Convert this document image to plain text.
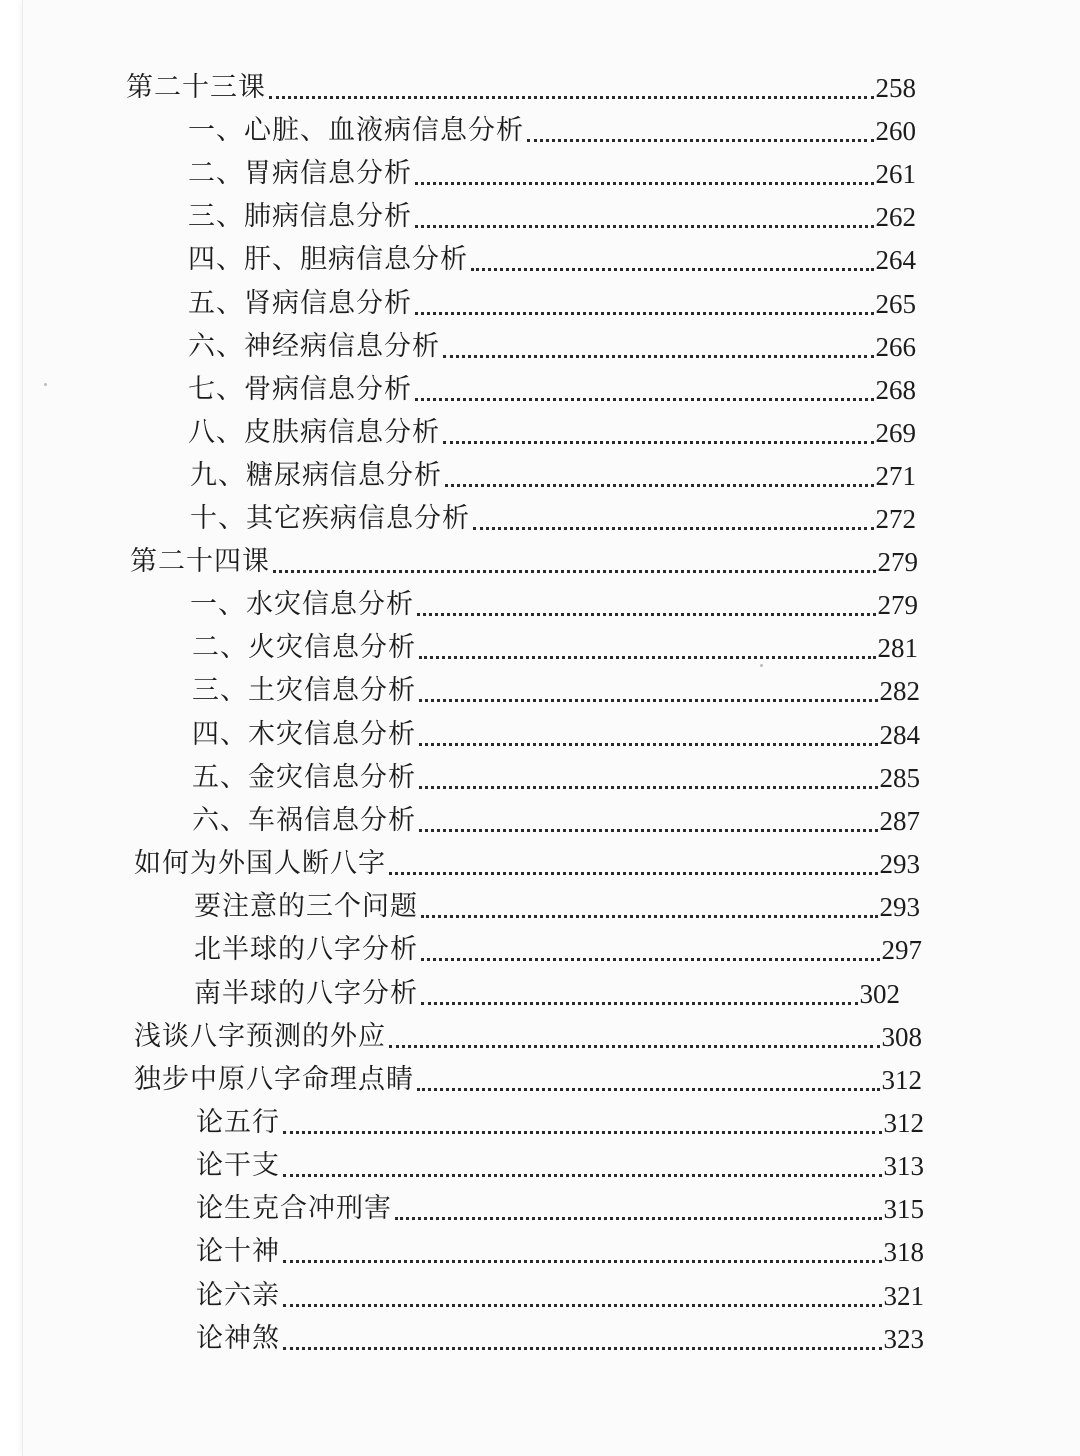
第二十三课	258
一、心脏、血液病信息分析	260
二、胃病信息分析	261
三、肺病信息分析	262
四、肝、胆病信息分析	264
五、肾病信息分析	265
六、神经病信息分析	266
七、骨病信息分析	268
八、皮肤病信息分析	269
九、糖尿病信息分析	271
十、其它疾病信息分析	272
第二十四课	279
一、水灾信息分析	279
二、火灾信息分析	281
三、土灾信息分析	282
四、木灾信息分析	284
五、金灾信息分析	285
六、车祸信息分析	287
如何为外国人断八字	293
要注意的三个问题	293
北半球的八字分析	297
南半球的八字分析	302
浅谈八字预测的外应	308
独步中原八字命理点睛	312
论五行	312
论干支	313
论生克合冲刑害	315
论十神	318
论六亲	321
论神煞	323
